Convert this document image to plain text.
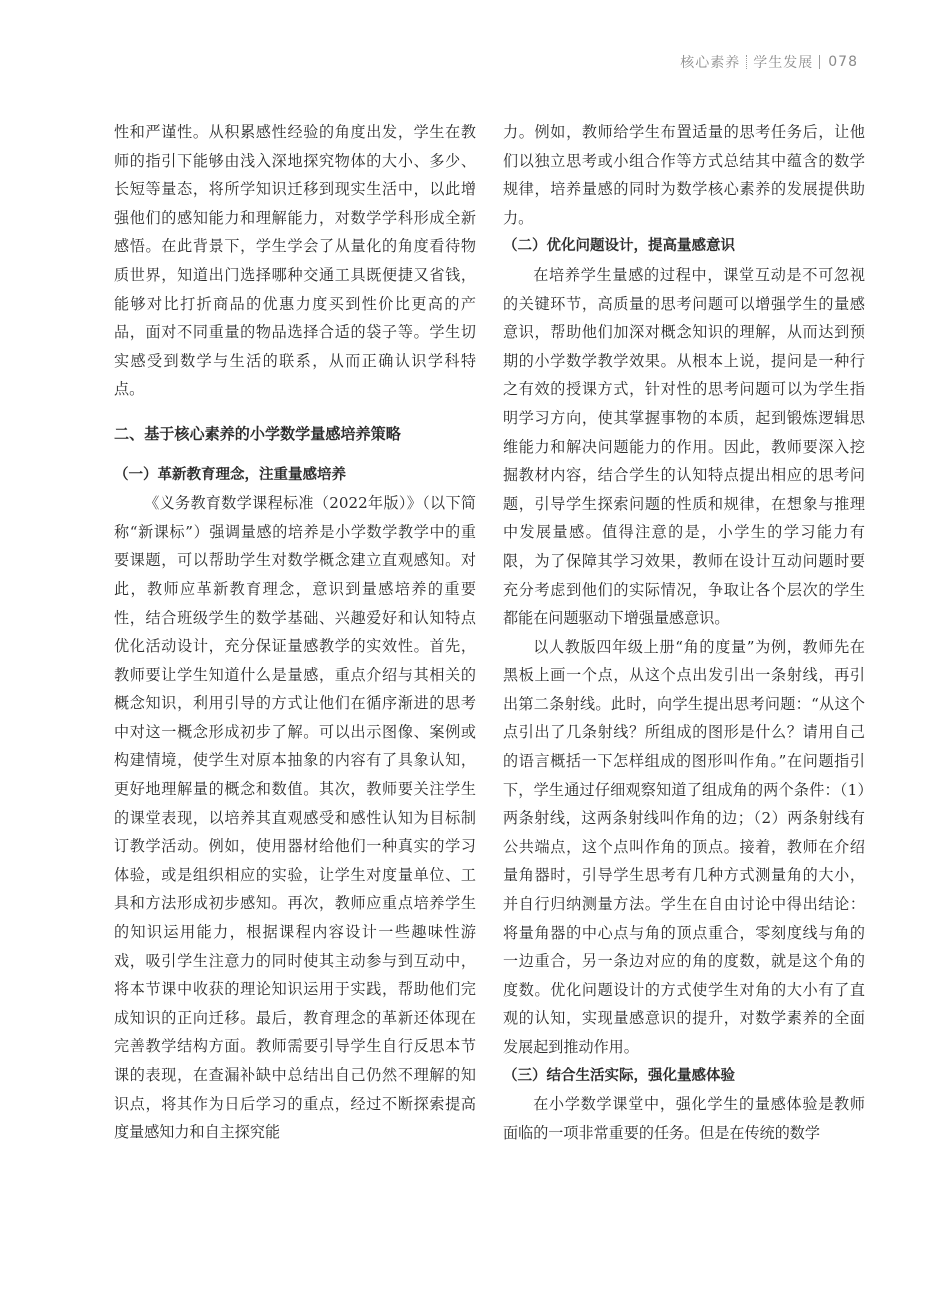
核心素养 学生发展 078

性和严谨性。从积累感性经验的角度出发，学生在教师的指引下能够由浅入深地探究物体的大小、多少、长短等量态，将所学知识迁移到现实生活中，以此增强他们的感知能力和理解能力，对数学学科形成全新感悟。在此背景下，学生学会了从量化的角度看待物质世界，知道出门选择哪种交通工具既便捷又省钱，能够对比打折商品的优惠力度买到性价比更高的产品，面对不同重量的物品选择合适的袋子等。学生切实感受到数学与生活的联系，从而正确认识学科特点。

二、基于核心素养的小学数学量感培养策略
（一）革新教育理念，注重量感培养

《义务教育数学课程标准（2022年版）》（以下简称“新课标”）强调量感的培养是小学数学教学中的重要课题，可以帮助学生对数学概念建立直观感知。对此，教师应革新教育理念，意识到量感培养的重要性，结合班级学生的数学基础、兴趣爱好和认知特点优化活动设计，充分保证量感教学的实效性。首先，教师要让学生知道什么是量感，重点介绍与其相关的概念知识，利用引导的方式让他们在循序渐进的思考中对这一概念形成初步了解。可以出示图像、案例或构建情境，使学生对原本抽象的内容有了具象认知，更好地理解量的概念和数值。其次，教师要关注学生的课堂表现，以培养其直观感受和感性认知为目标制订教学活动。例如，使用器材给他们一种真实的学习体验，或是组织相应的实验，让学生对度量单位、工具和方法形成初步感知。再次，教师应重点培养学生的知识运用能力，根据课程内容设计一些趣味性游戏，吸引学生注意力的同时使其主动参与到互动中，将本节课中收获的理论知识运用于实践，帮助他们完成知识的正向迁移。最后，教育理念的革新还体现在完善教学结构方面。教师需要引导学生自行反思本节课的表现，在查漏补缺中总结出自己仍然不理解的知识点，将其作为日后学习的重点，经过不断探索提高度量感知力和自主探究能

力。例如，教师给学生布置适量的思考任务后，让他们以独立思考或小组合作等方式总结其中蕴含的数学规律，培养量感的同时为数学核心素养的发展提供助力。

（二）优化问题设计，提高量感意识

在培养学生量感的过程中，课堂互动是不可忽视的关键环节，高质量的思考问题可以增强学生的量感意识，帮助他们加深对概念知识的理解，从而达到预期的小学数学教学效果。从根本上说，提问是一种行之有效的授课方式，针对性的思考问题可以为学生指明学习方向，使其掌握事物的本质，起到锻炼逻辑思维能力和解决问题能力的作用。因此，教师要深入挖掘教材内容，结合学生的认知特点提出相应的思考问题，引导学生探索问题的性质和规律，在想象与推理中发展量感。值得注意的是，小学生的学习能力有限，为了保障其学习效果，教师在设计互动问题时要充分考虑到他们的实际情况，争取让各个层次的学生都能在问题驱动下增强量感意识。

以人教版四年级上册“角的度量”为例，教师先在黑板上画一个点，从这个点出发引出一条射线，再引出第二条射线。此时，向学生提出思考问题：“从这个点引出了几条射线？所组成的图形是什么？请用自己的语言概括一下怎样组成的图形叫作角。”在问题指引下，学生通过仔细观察知道了组成角的两个条件：（1）两条射线，这两条射线叫作角的边；（2）两条射线有公共端点，这个点叫作角的顶点。接着，教师在介绍量角器时，引导学生思考有几种方式测量角的大小，并自行归纳测量方法。学生在自由讨论中得出结论：将量角器的中心点与角的顶点重合，零刻度线与角的一边重合，另一条边对应的角的度数，就是这个角的度数。优化问题设计的方式使学生对角的大小有了直观的认知，实现量感意识的提升，对数学素养的全面发展起到推动作用。

（三）结合生活实际，强化量感体验

在小学数学课堂中，强化学生的量感体验是教师面临的一项非常重要的任务。但是在传统的数学
